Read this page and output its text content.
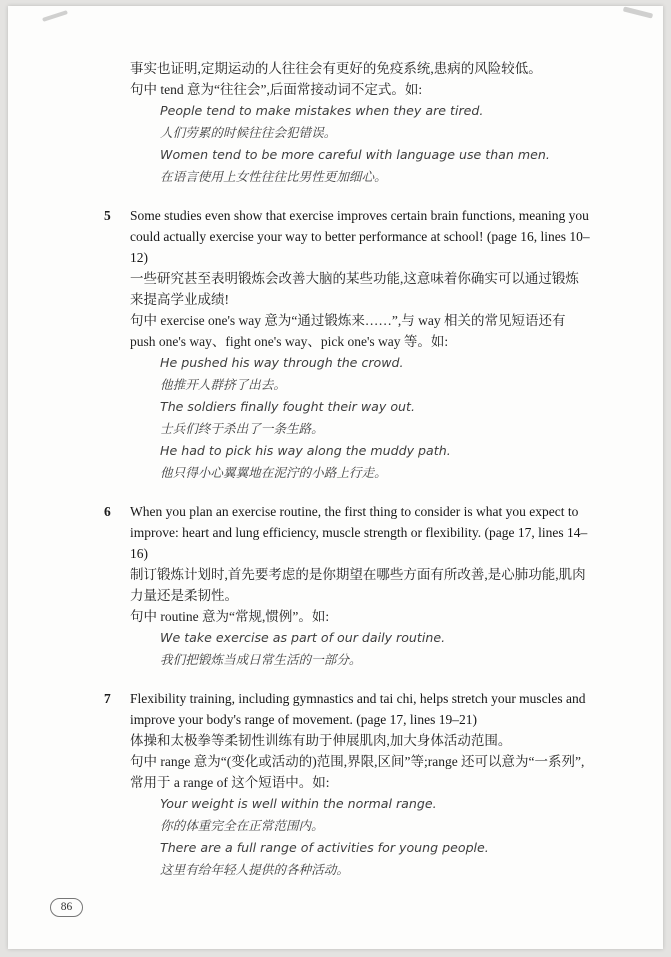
事实也证明,定期运动的人往往会有更好的免疫系统,患病的风险较低。

句中 tend 意为“往往会”,后面常接动词不定式。如:

People tend to make mistakes when they are tired.

人们劳累的时候往往会犯错误。

Women tend to be more careful with language use than men.

在语言使用上女性往往比男性更加细心。

5	Some studies even show that exercise improves certain brain functions, meaning you could actually exercise your way to better performance at school! (page 16, lines 10–12)

一些研究甚至表明锻炼会改善大脑的某些功能,这意味着你确实可以通过锻炼来提高学业成绩!

句中 exercise one's way 意为“通过锻炼来……”,与 way 相关的常见短语还有 push one's way、fight one's way、pick one's way 等。如:

He pushed his way through the crowd.

他推开人群挤了出去。

The soldiers finally fought their way out.

士兵们终于杀出了一条生路。

He had to pick his way along the muddy path.

他只得小心翼翼地在泥泞的小路上行走。

6	When you plan an exercise routine, the first thing to consider is what you expect to improve: heart and lung efficiency, muscle strength or flexibility. (page 17, lines 14–16)

制订锻炼计划时,首先要考虑的是你期望在哪些方面有所改善,是心肺功能,肌肉力量还是柔韧性。

句中 routine 意为“常规,惯例”。如:

We take exercise as part of our daily routine.

我们把锻炼当成日常生活的一部分。

7	Flexibility training, including gymnastics and tai chi, helps stretch your muscles and improve your body's range of movement. (page 17, lines 19–21)

体操和太极拳等柔韧性训练有助于伸展肌肉,加大身体活动范围。

句中 range 意为“(变化或活动的)范围,界限,区间”等;range 还可以意为“一系列”,常用于 a range of 这个短语中。如:

Your weight is well within the normal range.

你的体重完全在正常范围内。

There are a full range of activities for young people.

这里有给年轻人提供的各种活动。

86
